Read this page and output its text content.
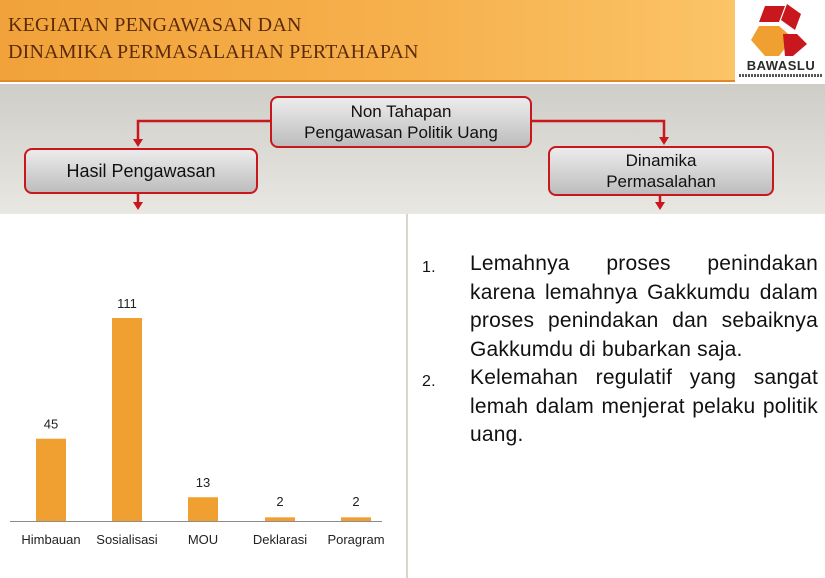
KEGIATAN PENGAWASAN DAN
DINAMIKA PERMASALAHAN PERTAHAPAN
BAWASLU
Non Tahapan
Pengawasan Politik Uang
Hasil Pengawasan	Dinamika
Permasalahan
45
Himbauan
111
Sosialisasi
13
MOU
2
Deklarasi
2
Poragram
1. Lemahnya proses penindakan karena lemahnya Gakkumdu dalam proses penindakan dan sebaiknya Gakkumdu di bubarkan saja.
2. Kelemahan regulatif yang sangat lemah dalam menjerat pelaku politik uang.
